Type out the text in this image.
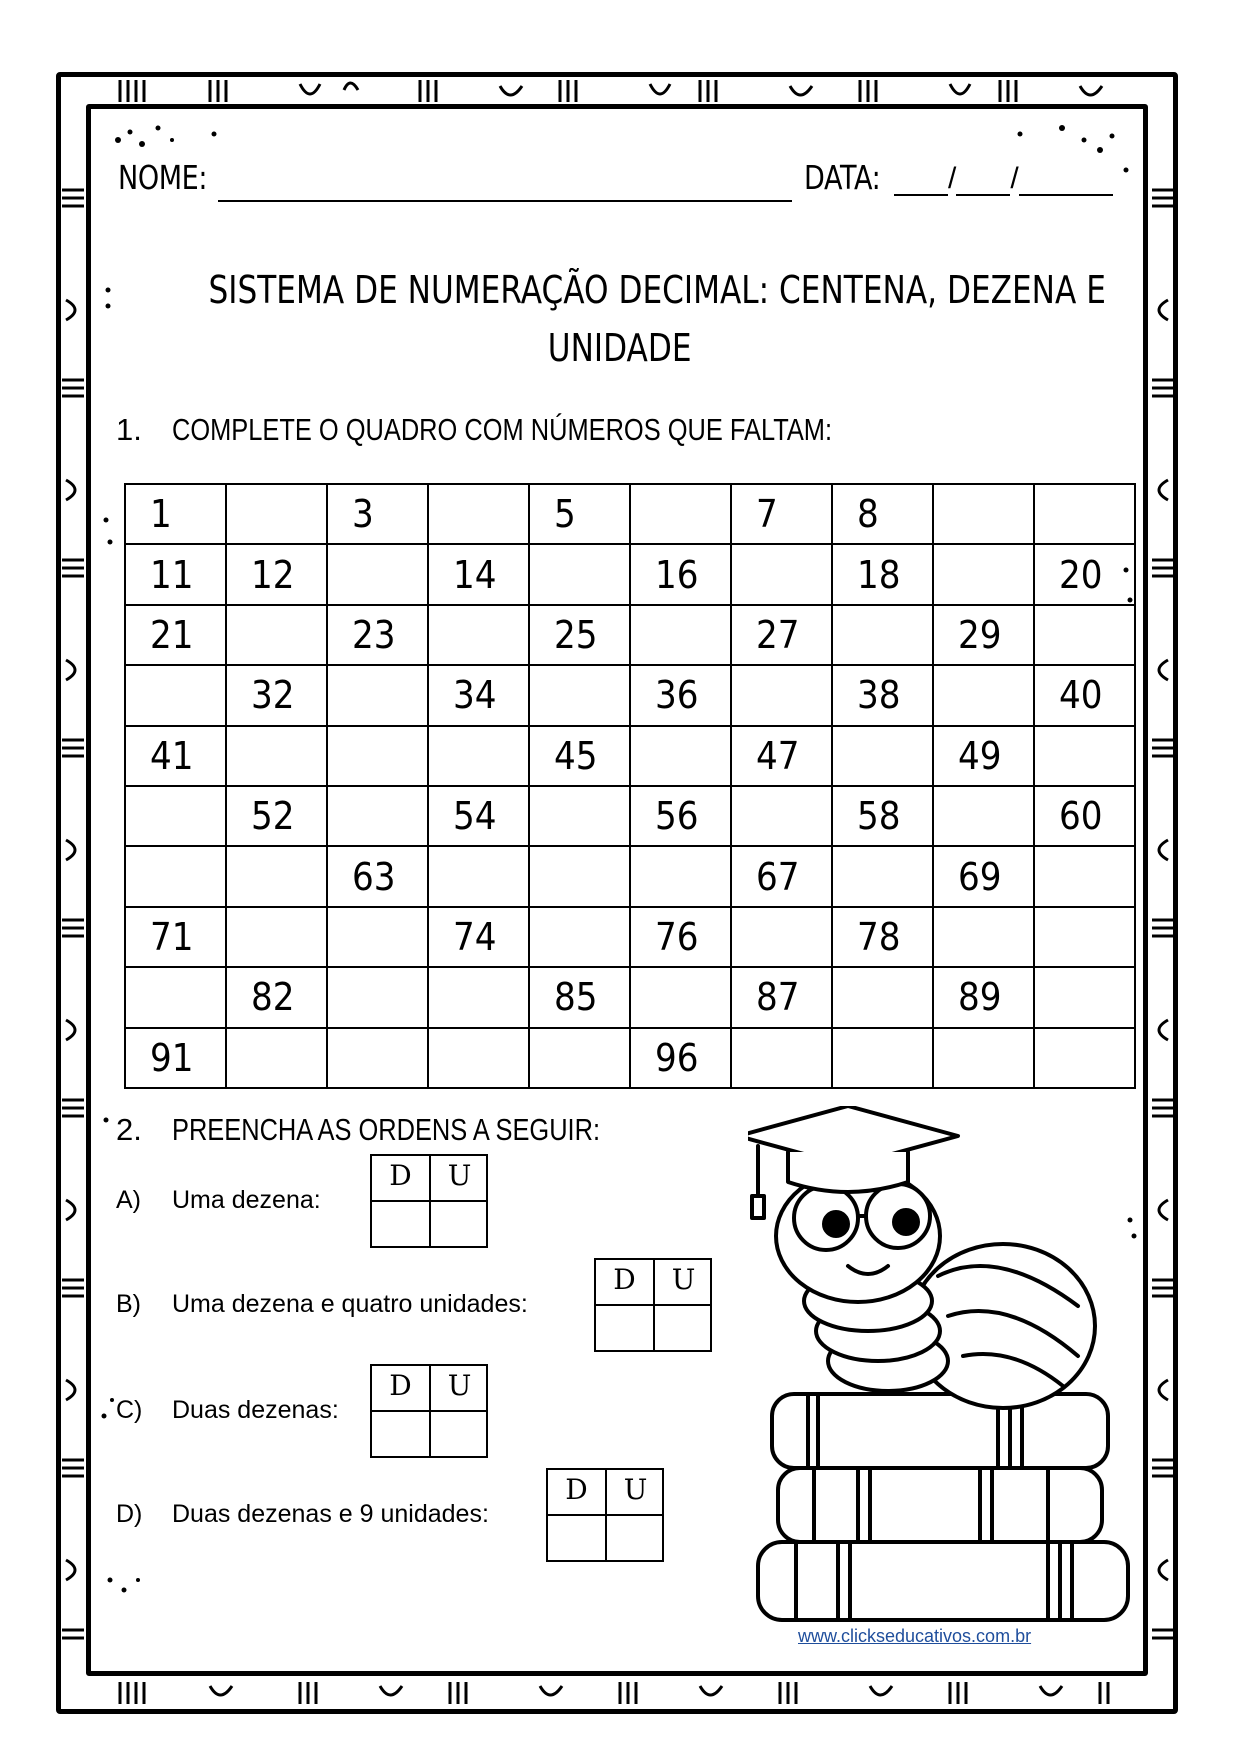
NOME:	DATA:	/ /
SISTEMA DE NUMERAÇÃO DECIMAL: CENTENA, DEZENA E
UNIDADE
1. COMPLETE O QUADRO COM NÚMEROS QUE FALTAM:
1		3		5		7	8		
11	12		14		16		18		20
21		23		25		27		29	
	32		34		36		38		40
41				45		47		49	
	52		54		56		58		60
		63				67		69	
71			74		76		78		
	82			85		87		89	
91					96				
2. PREENCHA AS ORDENS A SEGUIR:
A) Uma dezena:
D	U
B) Uma dezena e quatro unidades:
D	U
C) Duas dezenas:
D	U
D) Duas dezenas e 9 unidades:
D	U
www.clickseducativos.com.br
